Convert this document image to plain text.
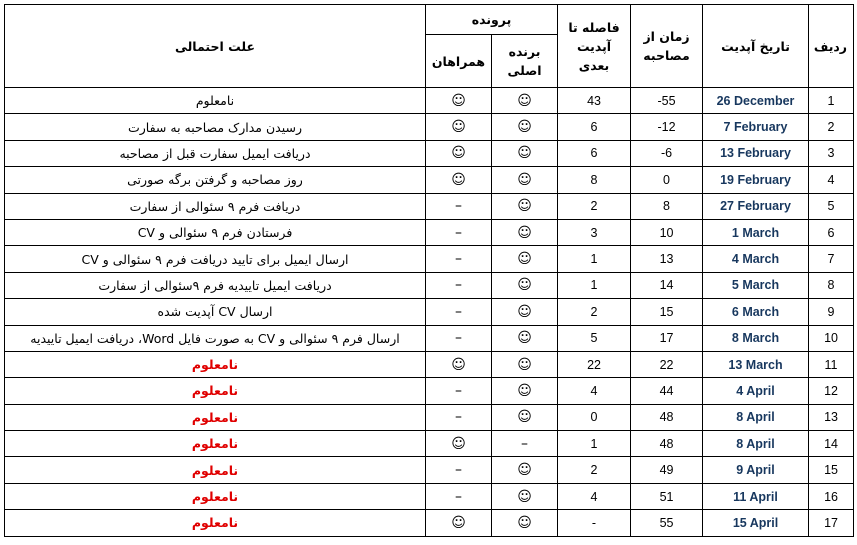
ردیف	تاریخ آپدیت	زمان از مصاحبه	فاصله تا آپدیت بعدی	پرونده		علت احتمالی
				برنده اصلی	همراهان	
1	26 December	-55	43	☺	☺	نامعلوم
2	7 February	-12	6	☺	☺	رسیدن مدارک مصاحبه به سفارت
3	13 February	-6	6	☺	☺	دریافت ایمیل سفارت قبل از مصاحبه
4	19 February	0	8	☺	☺	روز مصاحبه و گرفتن برگه صورتی
5	27 February	8	2	☺	–	دریافت فرم ۹ سئوالی از سفارت
6	1 March	10	3	☺	–	فرستادن فرم ۹ سئوالی و CV
7	4 March	13	1	☺	–	ارسال ایمیل برای تایید دریافت فرم ۹ سئوالی و CV
8	5 March	14	1	☺	–	دریافت ایمیل تاییدیه فرم ۹سئوالی از سفارت
9	6 March	15	2	☺	–	ارسال CV آپدیت شده
10	8 March	17	5	☺	–	ارسال فرم ۹ سئوالی و CV به صورت فایل Word، دریافت ایمیل تاییدیه
11	13 March	22	22	☺	☺	نامعلوم
12	4 April	44	4	☺	–	نامعلوم
13	8 April	48	0	☺	–	نامعلوم
14	8 April	48	1	–	☺	نامعلوم
15	9 April	49	2	☺	–	نامعلوم
16	11 April	51	4	☺	–	نامعلوم
17	15 April	55	-	☺	☺	نامعلوم
